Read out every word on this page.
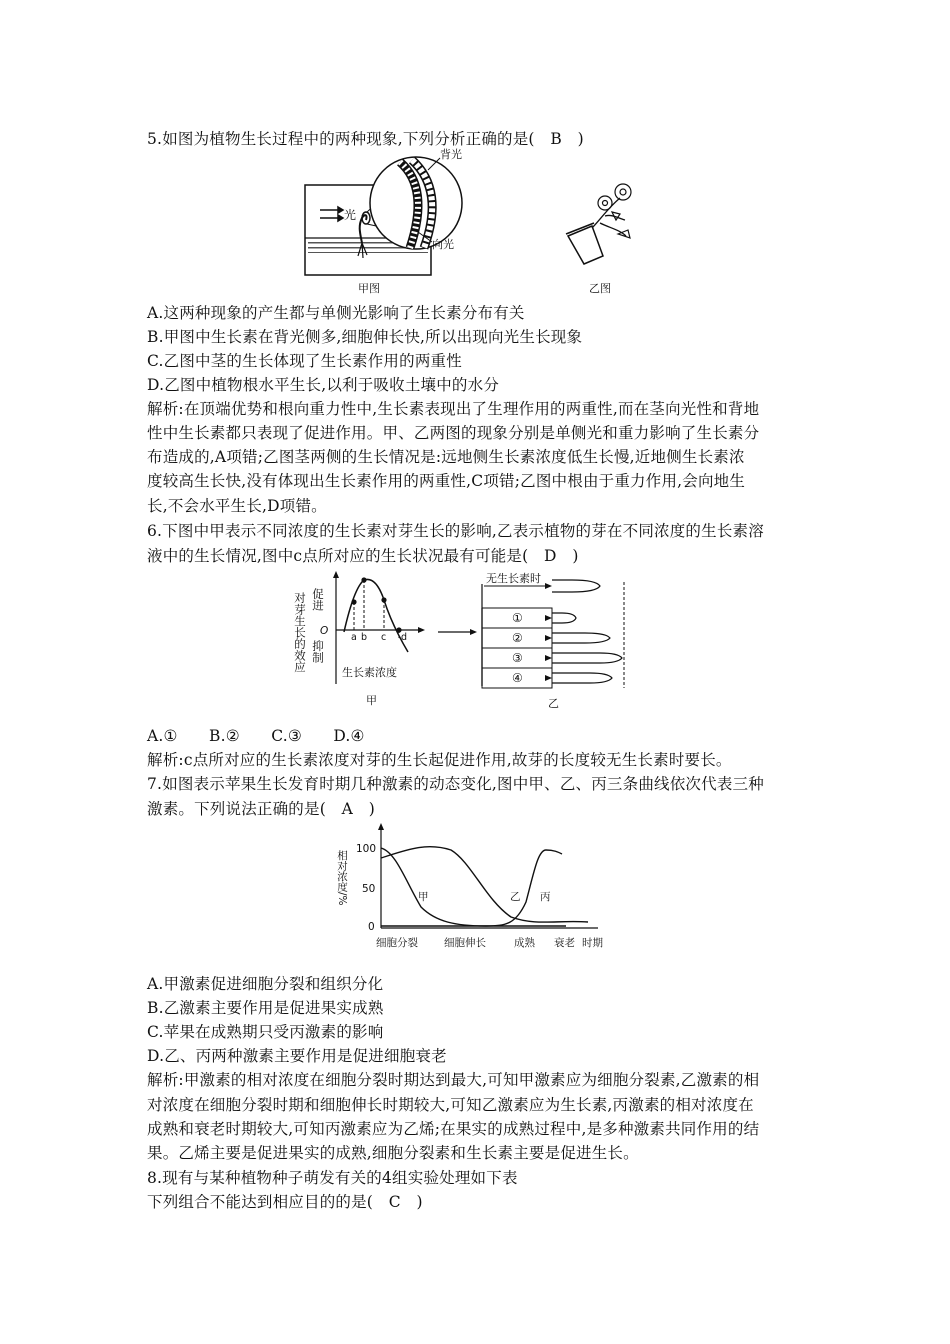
5.如图为植物生长过程中的两种现象,下列分析正确的是(　B　)
光
背光
向光
甲图	乙图
A.这两种现象的产生都与单侧光影响了生长素分布有关
B.甲图中生长素在背光侧多,细胞伸长快,所以出现向光生长现象
C.乙图中茎的生长体现了生长素作用的两重性
D.乙图中植物根水平生长,以利于吸收土壤中的水分
解析:在顶端优势和根向重力性中,生长素表现出了生理作用的两重性,而在茎向光性和背地
性中生长素都只表现了促进作用。甲、乙两图的现象分别是单侧光和重力影响了生长素分
布造成的,A项错;乙图茎两侧的生长情况是:远地侧生长素浓度低生长慢,近地侧生长素浓
度较高生长快,没有体现出生长素作用的两重性,C项错;乙图中根由于重力作用,会向地生
长,不会水平生长,D项错。
6.下图中甲表示不同浓度的生长素对芽生长的影响,乙表示植物的芽在不同浓度的生长素溶
液中的生长情况,图中c点所对应的生长状况最有可能是(　D　)
对芽生长的效应 促进
抑制
O
a b c d
生长素浓度
甲
无生长素时
①
②
③
④
乙
A.①　　B.②　　C.③　　D.④
解析:c点所对应的生长素浓度对芽的生长起促进作用,故芽的长度较无生长素时要长。
7.如图表示苹果生长发育时期几种激素的动态变化,图中甲、乙、丙三条曲线依次代表三种
激素。下列说法正确的是(　A　)
相对浓度/%
100
50
0
甲	乙 丙
细胞分裂 细胞伸长	成熟 衰老 时期
A.甲激素促进细胞分裂和组织分化
B.乙激素主要作用是促进果实成熟
C.苹果在成熟期只受丙激素的影响
D.乙、丙两种激素主要作用是促进细胞衰老
解析:甲激素的相对浓度在细胞分裂时期达到最大,可知甲激素应为细胞分裂素,乙激素的相
对浓度在细胞分裂时期和细胞伸长时期较大,可知乙激素应为生长素,丙激素的相对浓度在
成熟和衰老时期较大,可知丙激素应为乙烯;在果实的成熟过程中,是多种激素共同作用的结
果。乙烯主要是促进果实的成熟,细胞分裂素和生长素主要是促进生长。
8.现有与某种植物种子萌发有关的4组实验处理如下表
下列组合不能达到相应目的的是(　C　)
